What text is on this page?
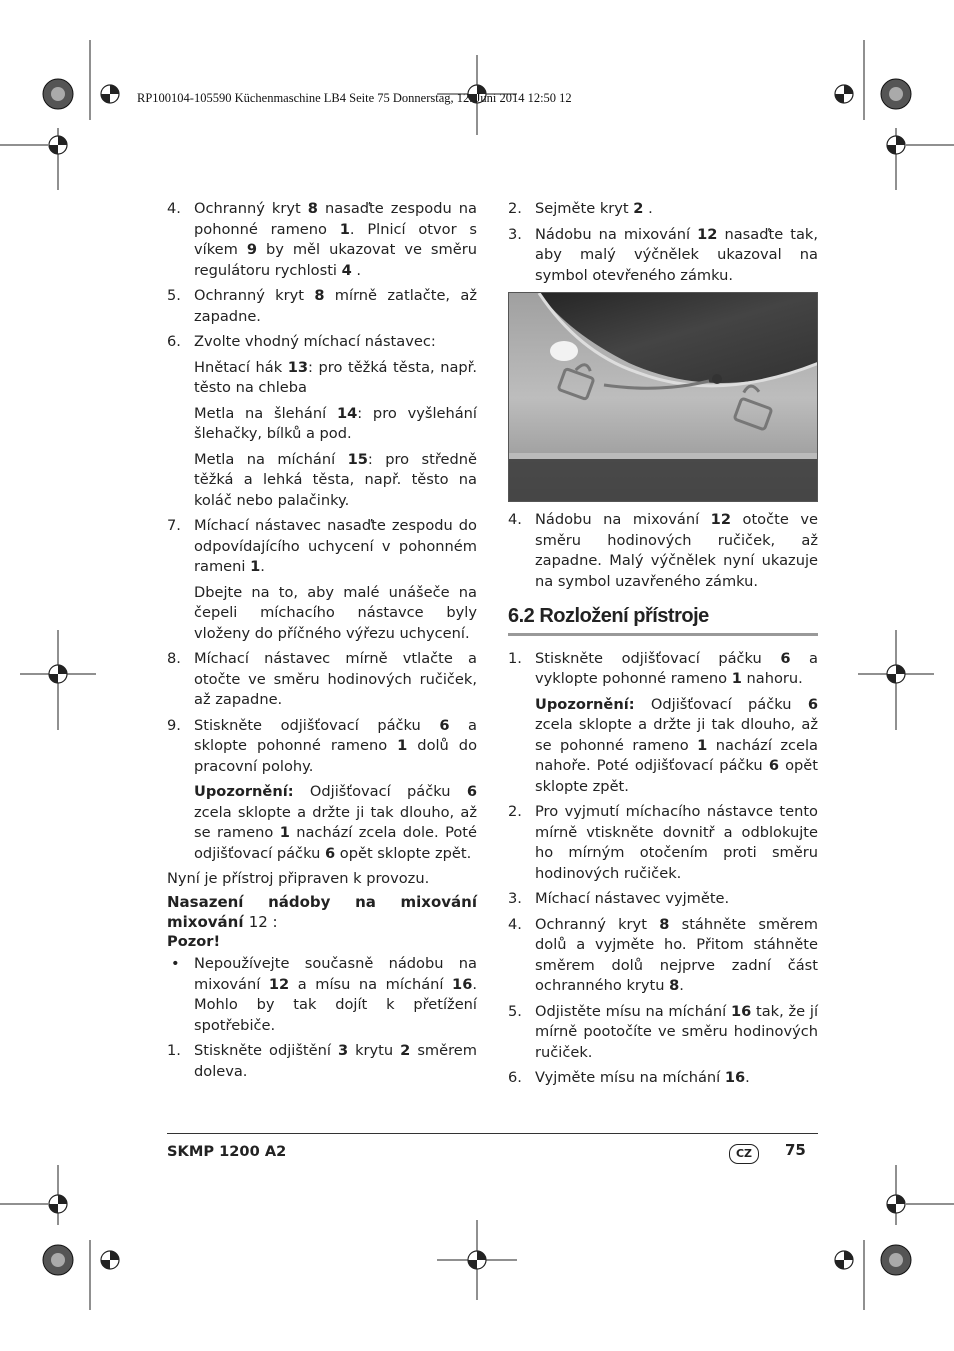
RP100104-105590 Küchenmaschine LB4 Seite 75 Donnerstag, 12. Juni 2014 12:50 12
4. Ochranný kryt 8 nasaďte zespodu na pohonné rameno 1. Plnicí otvor s víkem 9 by měl ukazovat ve směru regulátoru rychlosti 4 .
5. Ochranný kryt 8 mírně zatlačte, až zapadne.
6. Zvolte vhodný míchací nástavec:
Hnětací hák 13: pro těžká těsta, např. těsto na chleba
Metla na šlehání 14: pro vyšlehání šlehačky, bílků a pod.
Metla na míchání 15: pro středně těžká a lehká těsta, např. těsto na koláč nebo palačinky.
7. Míchací nástavec nasaďte zespodu do odpovídajícího uchycení v pohonném rameni 1.
Dbejte na to, aby malé unášeče na čepeli míchacího nástavce byly vloženy do příčného výřezu uchycení.
8. Míchací nástavec mírně vtlačte a otočte ve směru hodinových ručiček, až zapadne.
9. Stiskněte odjišťovací páčku 6 a sklopte pohonné rameno 1 dolů do pracovní polohy.
Upozornění: Odjišťovací páčku 6 zcela sklopte a držte ji tak dlouho, až se rameno 1 nachází zcela dole. Poté odjišťovací páčku 6 opět sklopte zpět.
Nyní je přístroj připraven k provozu.
Nasazení nádoby na mixování
mixování 12 :
Pozor!
• Nepoužívejte současně nádobu na mixování 12 a mísu na míchání 16. Mohlo by tak dojít k přetížení spotřebiče.
1. Stiskněte odjištění 3 krytu 2 směrem doleva.
2. Sejměte kryt 2 .
3. Nádobu na mixování 12 nasaďte tak, aby malý výčnělek ukazoval na symbol otevřeného zámku.
4. Nádobu na mixování 12 otočte ve směru hodinových ručiček, až zapadne. Malý výčnělek nyní ukazuje na symbol uzavřeného zámku.
6.2 Rozložení přístroje
1. Stiskněte odjišťovací páčku 6 a vyklopte pohonné rameno 1 nahoru.
Upozornění: Odjišťovací páčku 6 zcela sklopte a držte ji tak dlouho, až se pohonné rameno 1 nachází zcela nahoře. Poté odjišťovací páčku 6 opět sklopte zpět.
2. Pro vyjmutí míchacího nástavce tento mírně vtiskněte dovnitř a odblokujte ho mírným otočením proti směru hodinových ručiček.
3. Míchací nástavec vyjměte.
4. Ochranný kryt 8 stáhněte směrem dolů a vyjměte ho. Přitom stáhněte směrem dolů nejprve zadní část ochranného krytu 8.
5. Odjistěte mísu na míchání 16 tak, že jí mírně pootočíte ve směru hodinových ručiček.
6. Vyjměte mísu na míchání 16.
SKMP 1200 A2	CZ	75
